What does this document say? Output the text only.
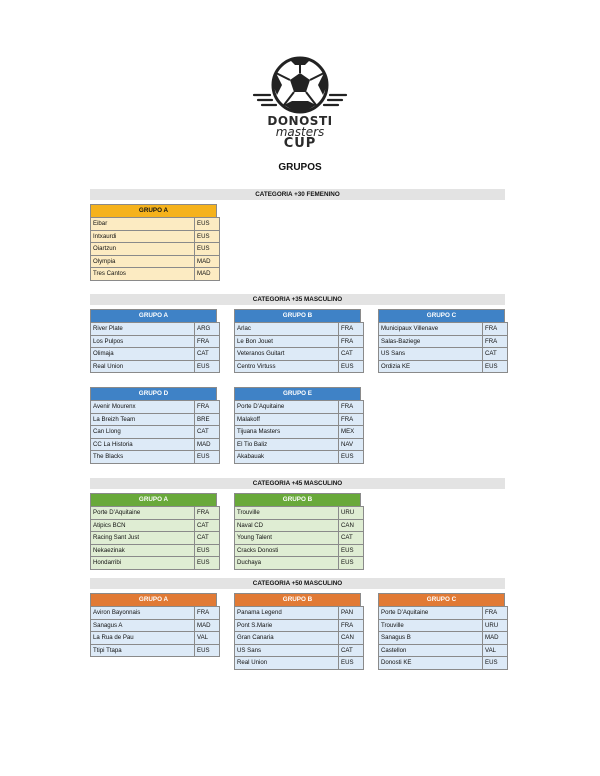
DONOSTI
masters
CUP
GRUPOS
CATEGORIA +30 FEMENINO
GRUPO A
Eibar	EUS
Intxaurdi	EUS
Oiartzun	EUS
Olympia	MAD
Tres Cantos	MAD
CATEGORIA +35 MASCULINO
GRUPO A
River Plate	ARG
Los Pulpos	FRA
Olimaja	CAT
Real Union	EUS
GRUPO B
Arlac	FRA
Le Bon Jouet	FRA
Veteranos Guitart	CAT
Centro Virtuss	EUS
GRUPO C
Municipaux Villenave	FRA
Salas-Baziege	FRA
US Sans	CAT
Ordizia KE	EUS
GRUPO D
Avenir Mourenx	FRA
La Breizh Team	BRE
Can Llong	CAT
CC La Historia	MAD
The Blacks	EUS
GRUPO E
Porte D'Aquitaine	FRA
Malakoff	FRA
Tijuana Masters	MEX
El Tio Baliz	NAV
Akabauak	EUS
CATEGORIA +45 MASCULINO
GRUPO A
Porte D'Aquitaine	FRA
Atipics BCN	CAT
Racing Sant Just	CAT
Nekaezinak	EUS
Hondarribi	EUS
GRUPO B
Trouville	URU
Naval CD	CAN
Young Talent	CAT
Cracks Donosti	EUS
Duchaya	EUS
CATEGORIA +50 MASCULINO
GRUPO A
Aviron Bayonnais	FRA
Sanagus A	MAD
La Rua de Pau	VAL
Ttipi Ttapa	EUS
GRUPO B
Panama Legend	PAN
Pont S.Marie	FRA
Gran Canaria	CAN
US Sans	CAT
Real Union	EUS
GRUPO C
Porte D'Aquitaine	FRA
Trouville	URU
Sanagus B	MAD
Castellon	VAL
Donosti KE	EUS
